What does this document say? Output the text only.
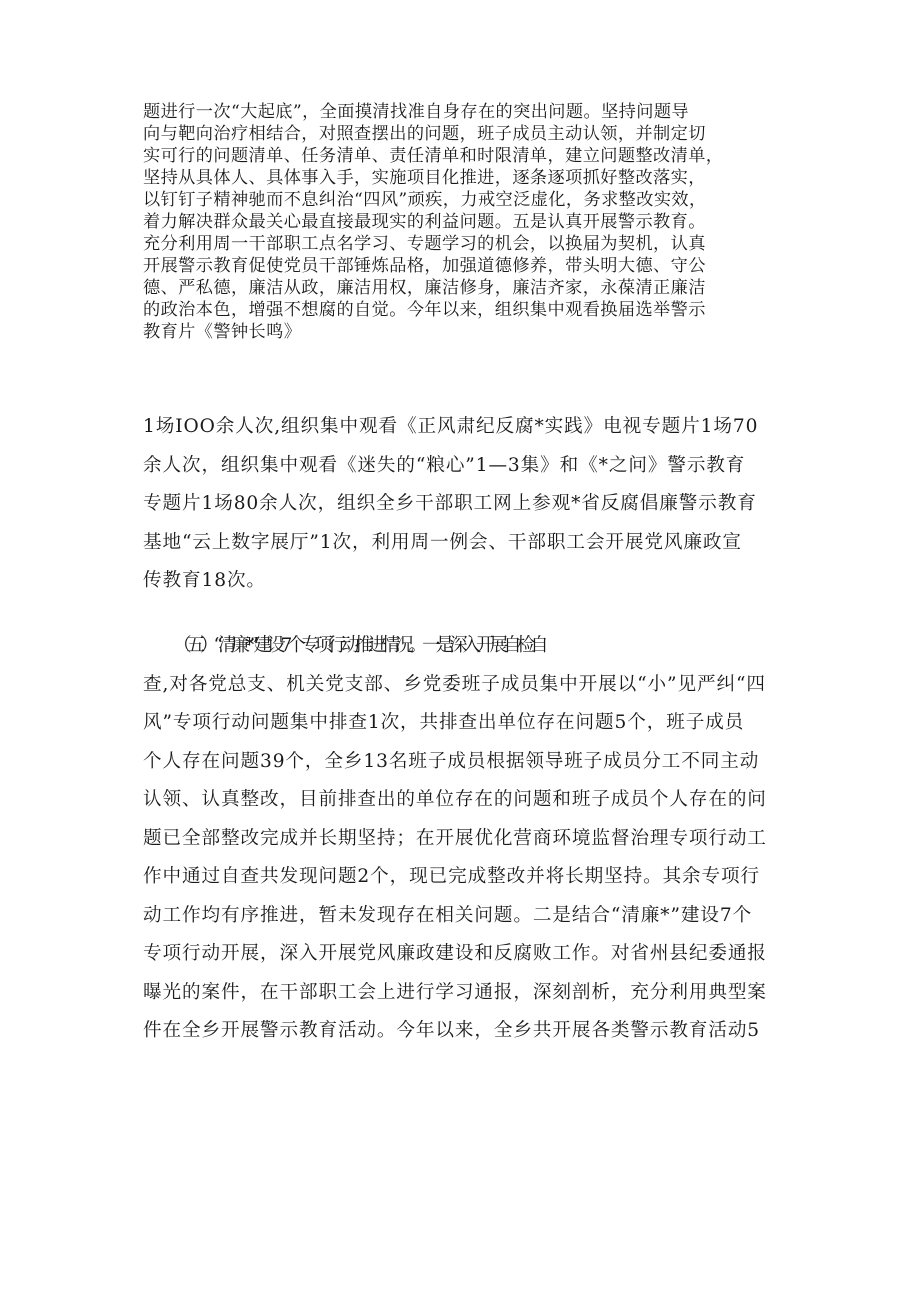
题进行一次“大起底”，全面摸清找准自身存在的突出问题。坚持问题导
向与靶向治疗相结合，对照查摆出的问题，班子成员主动认领，并制定切
实可行的问题清单、任务清单、责任清单和时限清单，建立问题整改清单，
坚持从具体人、具体事入手，实施项目化推进，逐条逐项抓好整改落实，
以钉钉子精神驰而不息纠治“四风”顽疾，力戒空泛虚化，务求整改实效，
着力解决群众最关心最直接最现实的利益问题。五是认真开展警示教育。
充分利用周一干部职工点名学习、专题学习的机会，以换届为契机，认真
开展警示教育促使党员干部锤炼品格，加强道德修养，带头明大德、守公
德、严私德，廉洁从政，廉洁用权，廉洁修身，廉洁齐家，永葆清正廉洁
的政治本色，增强不想腐的自觉。今年以来，组织集中观看换届选举警示
教育片《警钟长鸣》
1场IOO余人次,组织集中观看《正风肃纪反腐*实践》电视专题片1场70
余人次，组织集中观看《迷失的“粮心”1—3集》和《*之问》警示教育
专题片1场80余人次，组织全乡干部职工网上参观*省反腐倡廉警示教育
基地“云上数字展厅”1次，利用周一例会、干部职工会开展党风廉政宣
传教育18次。
（五）“清廉*”建设7个专项行动推进情况。一是深入开展自检自
查,对各党总支、机关党支部、乡党委班子成员集中开展以“小”见严纠“四
风”专项行动问题集中排查1次，共排查出单位存在问题5个，班子成员
个人存在问题39个，全乡13名班子成员根据领导班子成员分工不同主动
认领、认真整改，目前排查出的单位存在的问题和班子成员个人存在的问
题已全部整改完成并长期坚持；在开展优化营商环境监督治理专项行动工
作中通过自查共发现问题2个，现已完成整改并将长期坚持。其余专项行
动工作均有序推进，暂未发现存在相关问题。二是结合“清廉*”建设7个
专项行动开展，深入开展党风廉政建设和反腐败工作。对省州县纪委通报
曝光的案件，在干部职工会上进行学习通报，深刻剖析，充分利用典型案
件在全乡开展警示教育活动。今年以来，全乡共开展各类警示教育活动5
